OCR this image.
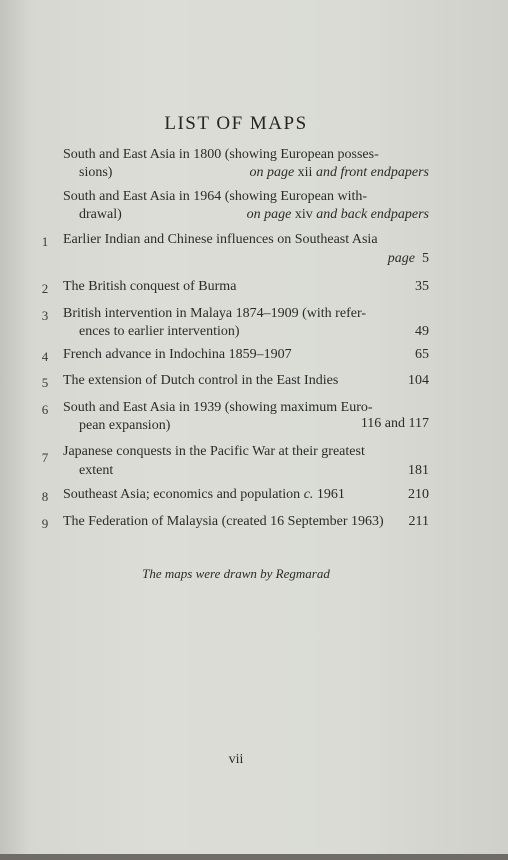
LIST OF MAPS
South and East Asia in 1800 (showing European posses-
sions)	on page xii and front endpapers
South and East Asia in 1964 (showing European with-
drawal)	on page xiv and back endpapers
1 Earlier Indian and Chinese influences on Southeast Asia
page 5
2 The British conquest of Burma	35
3 British intervention in Malaya 1874–1909 (with refer-
ences to earlier intervention)	49
4 French advance in Indochina 1859–1907	65
5 The extension of Dutch control in the East Indies	104
6 South and East Asia in 1939 (showing maximum Euro-
pean expansion)	116 and 117
7 Japanese conquests in the Pacific War at their greatest
extent	181
8 Southeast Asia; economics and population c. 1961	210
9 The Federation of Malaysia (created 16 September 1963)	211
The maps were drawn by Regmarad
vii
